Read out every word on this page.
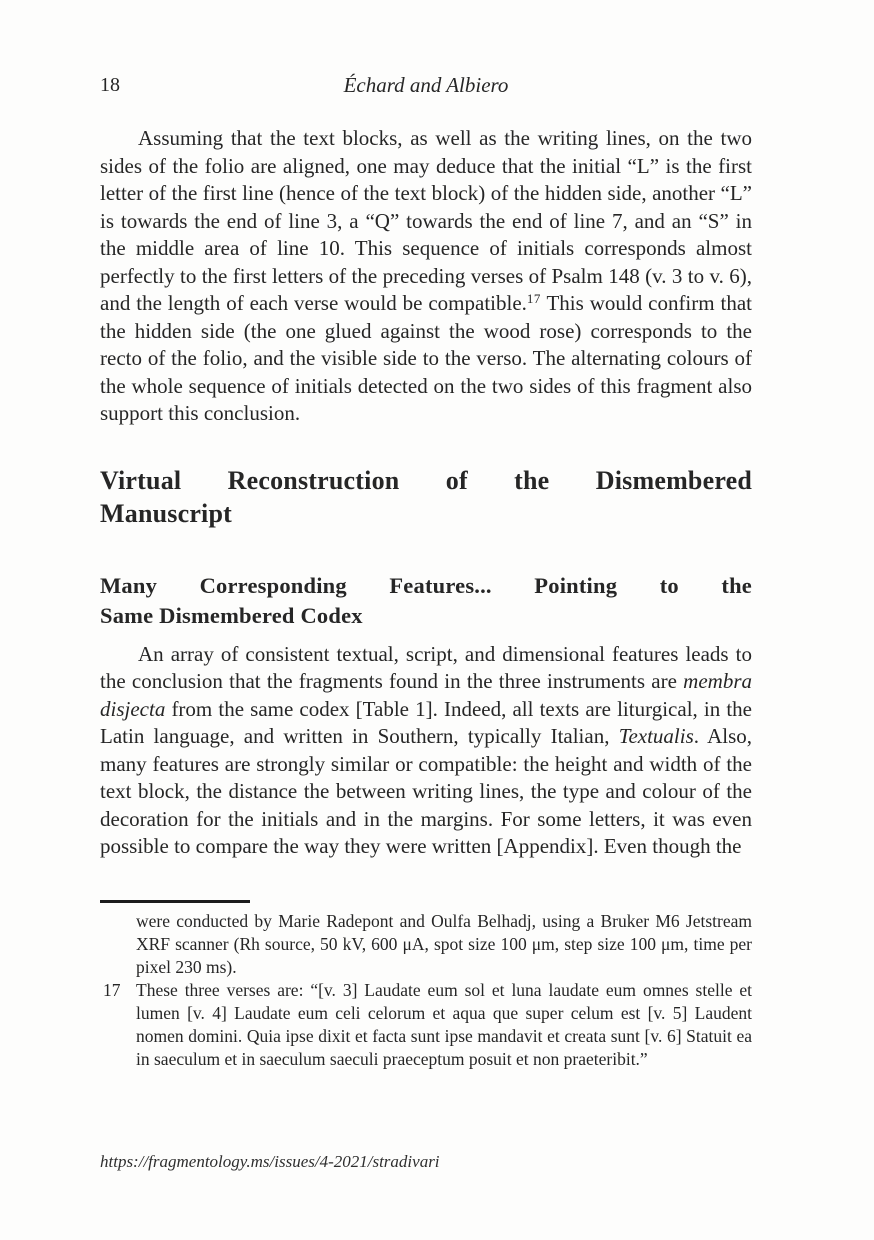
18	Échard and Albiero

Assuming that the text blocks, as well as the writing lines, on the two sides of the folio are aligned, one may deduce that the initial “L” is the first letter of the first line (hence of the text block) of the hidden side, another “L” is towards the end of line 3, a “Q” towards the end of line 7, and an “S” in the middle area of line 10. This sequence of initials corresponds almost perfectly to the first letters of the preceding verses of Psalm 148 (v. 3 to v. 6), and the length of each verse would be compatible.$^{17}$ This would confirm that the hidden side (the one glued against the wood rose) corresponds to the recto of the folio, and the visible side to the verso. The alternating colours of the whole sequence of initials detected on the two sides of this fragment also support this conclusion.

Virtual Reconstruction of the Dismembered
Manuscript
Many Corresponding Features... Pointing to the
Same Dismembered Codex

An array of consistent textual, script, and dimensional features leads to the conclusion that the fragments found in the three instruments are membra disjecta from the same codex [Table 1]. Indeed, all texts are liturgical, in the Latin language, and written in Southern, typically Italian, Textualis. Also, many features are strongly similar or compatible: the height and width of the text block, the distance the between writing lines, the type and colour of the decoration for the initials and in the margins. For some letters, it was even possible to compare the way they were written [Appendix]. Even though the

were conducted by Marie Radepont and Oulfa Belhadj, using a Bruker M6 Jetstream XRF scanner (Rh source, 50 kV, 600 μA, spot size 100 μm, step size 100 μm, time per pixel 230 ms).

17 These three verses are: “[v. 3] Laudate eum sol et luna laudate eum omnes stelle et lumen [v. 4] Laudate eum celi celorum et aqua que super celum est [v. 5] Laudent nomen domini. Quia ipse dixit et facta sunt ipse mandavit et creata sunt [v. 6] Statuit ea in saeculum et in saeculum saeculi praeceptum posuit et non praeteribit.”
https://fragmentology.ms/issues/4-2021/stradivari
